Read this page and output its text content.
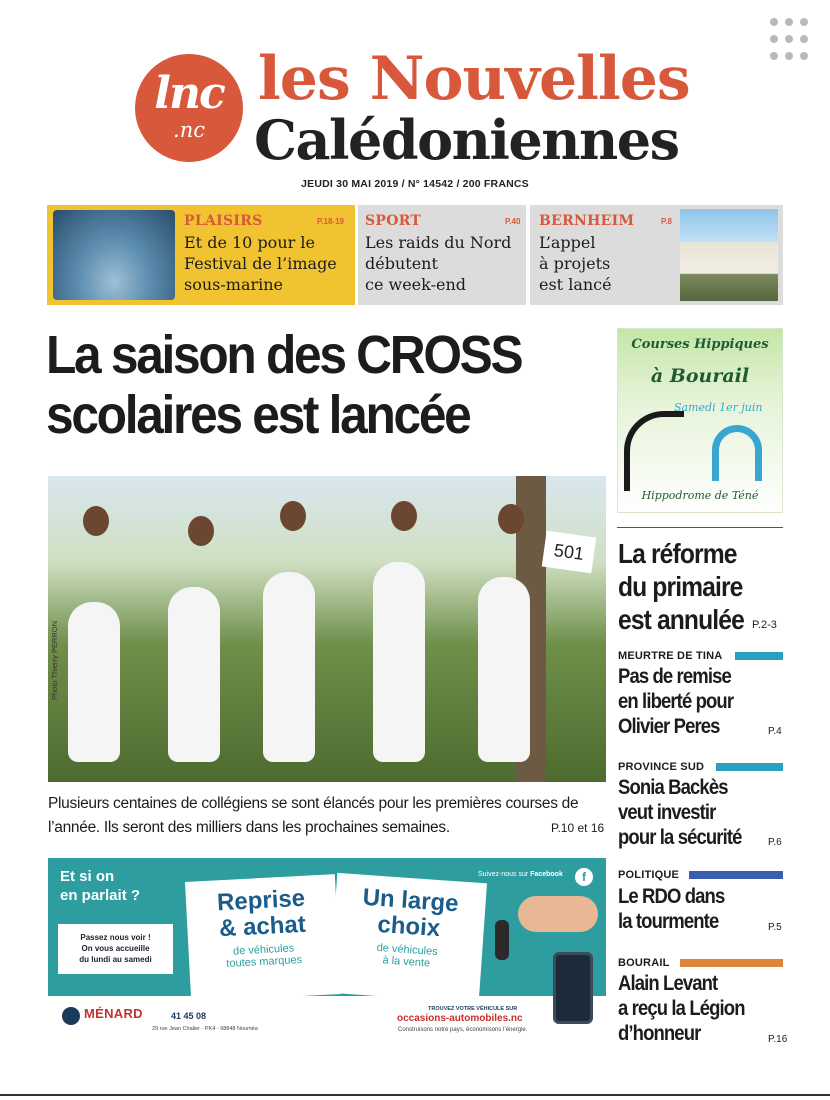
lnc
.nc
les Nouvelles
Calédoniennes
JEUDI 30 MAI 2019 / N° 14542 / 200 FRANCS
PLAISIRS	P.18-19
Et de 10 pour le
Festival de l’image
sous-marine
SPORT	P.40
Les raids du Nord
débutent
ce week-end
BERNHEIM	P.8
L’appel
à projets
est lancé
La saison des CROSS
scolaires est lancée
501
Photo Thierry PERRON
Plusieurs centaines de collégiens se sont élancés pour les premières courses de l’année. Ils seront des milliers dans les prochaines semaines.	P.10 et 16
Et si on
en parlait ?
Suivez-nous sur Facebook	f
Passez nous voir !
On vous accueille
du lundi au samedi
Reprise
& achat
de véhicules
toutes marques
Un large
choix
de véhicules
à la vente
MÉNARD	41 45 08
29 rue Jean Chalier - PK4 - 98848 Nouméa
TROUVEZ VOTRE VÉHICULE SUR
occasions-automobiles.nc
Construisons notre pays, économisons l’énergie.
Courses Hippiques
à Bourail
Samedi 1er juin
Hippodrome de Téné
La réforme
du primaire
est annulée P.2-3
MEURTRE DE TINA
Pas de remise
en liberté pour
Olivier Peres	P.4
PROVINCE SUD
Sonia Backès
veut investir
pour la sécurité	P.6
POLITIQUE
Le RDO dans
la tourmente	P.5
BOURAIL
Alain Levant
a reçu la Légion
d’honneur	P.16
